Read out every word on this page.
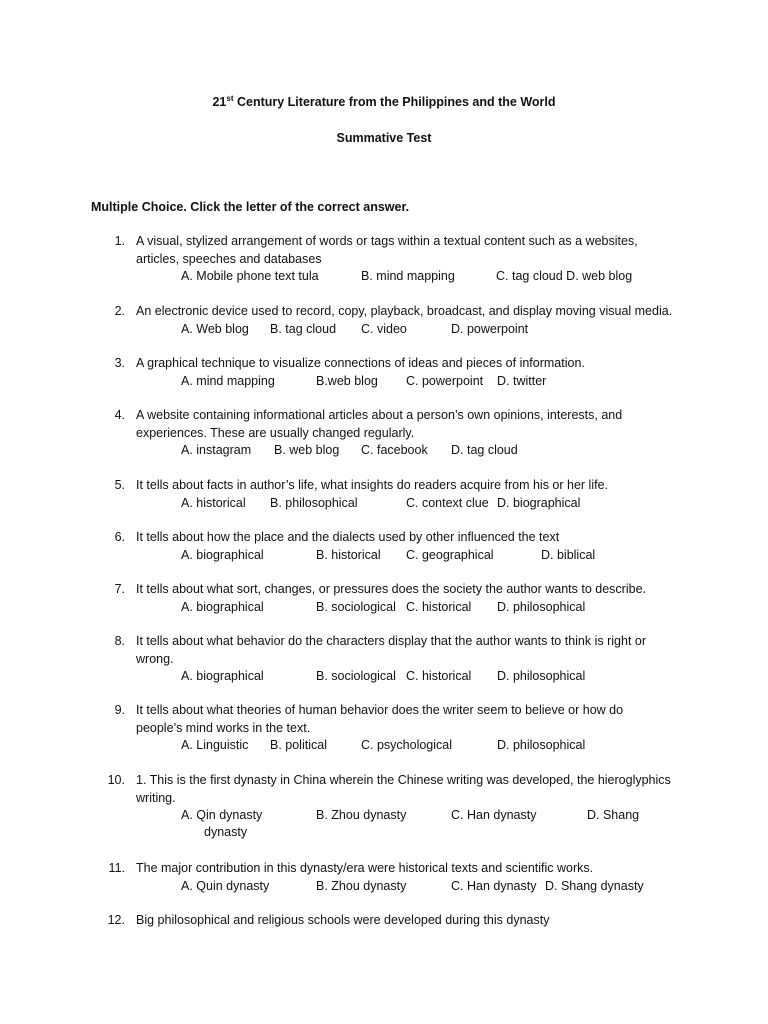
21st Century Literature from the Philippines and the World
Summative Test
Multiple Choice. Click the letter of the correct answer.
1. A visual, stylized arrangement of words or tags within a textual content such as a websites,
articles, speeches and databases
A. Mobile phone text tula	B. mind mapping	C. tag cloud D. web blog
2. An electronic device used to record, copy, playback, broadcast, and display moving visual media.
A. Web blog B. tag cloud C. video	D. powerpoint
3. A graphical technique to visualize connections of ideas and pieces of information.
A. mind mapping	B.web blog C. powerpoint D. twitter
4. A website containing informational articles about a person’s own opinions, interests, and
experiences. These are usually changed regularly.
A. instagram B. web blog C. facebook D. tag cloud
5. It tells about facts in author’s life, what insights do readers acquire from his or her life.
A. historical B. philosophical	C. context clue D. biographical
6. It tells about how the place and the dialects used by other influenced the text
A. biographical	B. historical C. geographical	D. biblical
7. It tells about what sort, changes, or pressures does the society the author wants to describe.
A. biographical	B. sociological C. historical D. philosophical
8. It tells about what behavior do the characters display that the author wants to think is right or
wrong.
A. biographical	B. sociological C. historical D. philosophical
9. It tells about what theories of human behavior does the writer seem to believe or how do
people’s mind works in the text.
A. Linguistic B. political	C. psychological	D. philosophical
10. 1. This is the first dynasty in China wherein the Chinese writing was developed, the hieroglyphics
writing.
A. Qin dynasty	B. Zhou dynasty	C. Han dynasty	D. Shang
dynasty
11. The major contribution in this dynasty/era were historical texts and scientific works.
A. Quin dynasty	B. Zhou dynasty	C. Han dynasty D. Shang dynasty
12. Big philosophical and religious schools were developed during this dynasty
